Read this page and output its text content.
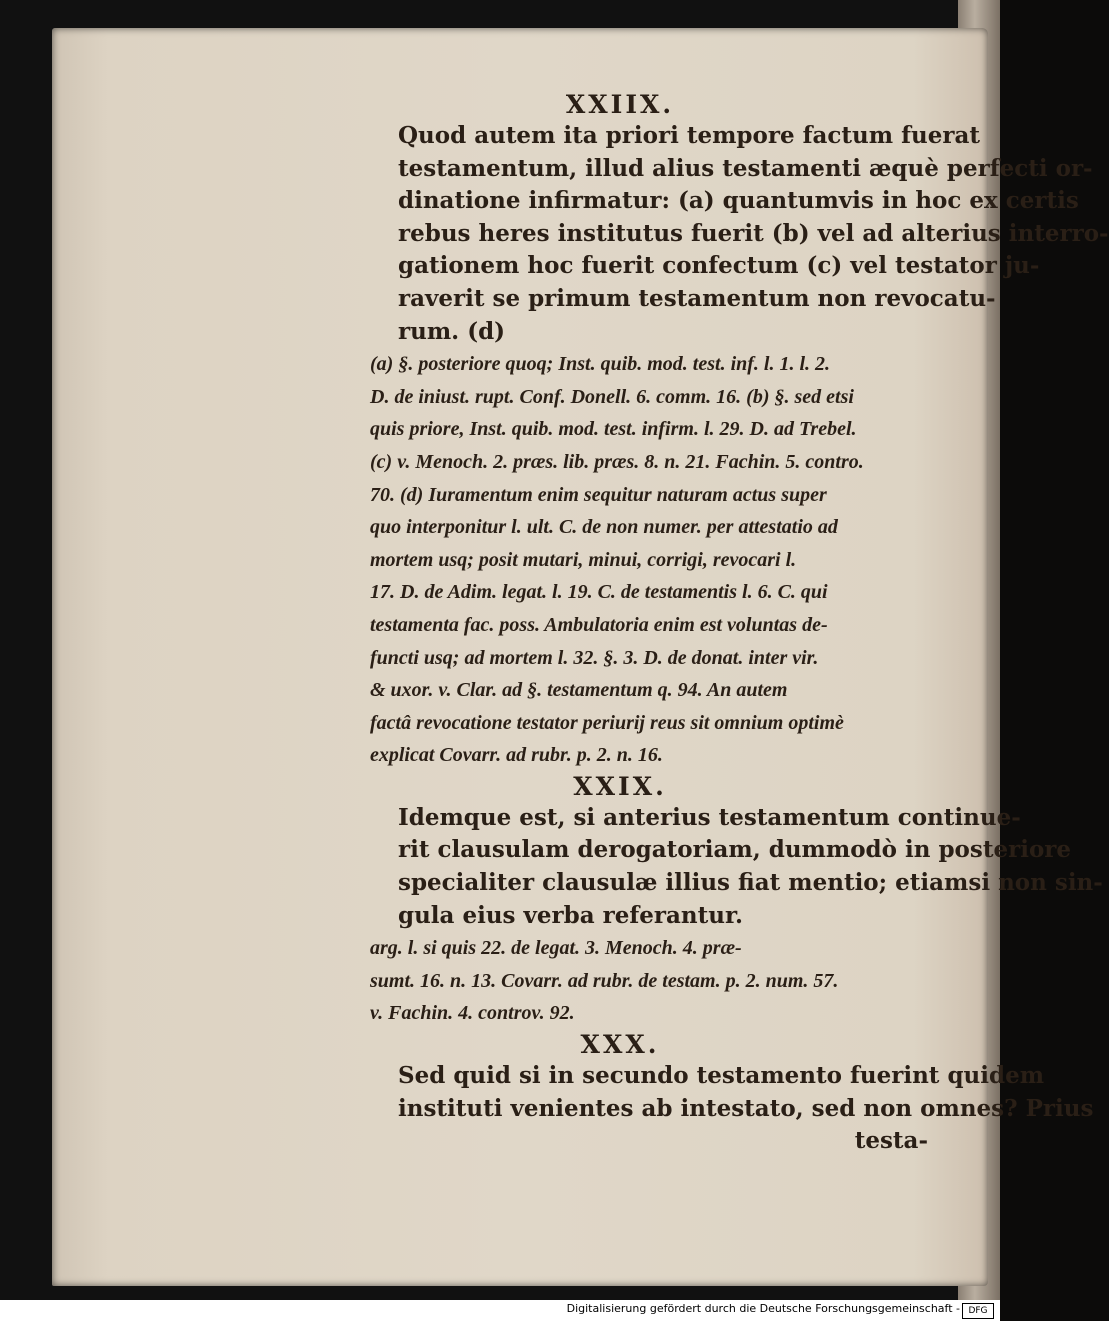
XXIIX.

Quod autem ita priori tempore factum fuerat
testamentum, illud alius testamenti æquè perfecti or-
dinatione infirmatur: (a) quantumvis in hoc ex certis
rebus heres institutus fuerit (b) vel ad alterius interro-
gationem hoc fuerit confectum (c) vel testator ju-
raverit se primum testamentum non revocatu-
rum. (d)

(a) §. posteriore quoq; Inst. quib. mod. test. inf. l. 1. l. 2.
D. de iniust. rupt. Conf. Donell. 6. comm. 16. (b) §. sed etsi
quis priore, Inst. quib. mod. test. infirm. l. 29. D. ad Trebel.
(c) v. Menoch. 2. præs. lib. præs. 8. n. 21. Fachin. 5. contro.
70. (d) Iuramentum enim sequitur naturam actus super
quo interponitur l. ult. C. de non numer. per attestatio ad
mortem usq; posit mutari, minui, corrigi, revocari l.
17. D. de Adim. legat. l. 19. C. de testamentis l. 6. C. qui
testamenta fac. poss. Ambulatoria enim est voluntas de-
functi usq; ad mortem l. 32. §. 3. D. de donat. inter vir.
& uxor. v. Clar. ad §. testamentum q. 94. An autem
factâ revocatione testator periurij reus sit omnium optimè
explicat Covarr. ad rubr. p. 2. n. 16.

XXIX.

Idemque est, si anterius testamentum continue-
rit clausulam derogatoriam, dummodò in posteriore
specialiter clausulæ illius fiat mentio; etiamsi non sin-
gula eius verba referantur.

arg. l. si quis 22. de legat. 3. Menoch. 4. præ-
sumt. 16. n. 13. Covarr. ad rubr. de testam. p. 2. num. 57.
v. Fachin. 4. controv. 92.

XXX.

Sed quid si in secundo testamento fuerint quidem
instituti venientes ab intestato, sed non omnes? Prius
testa-

Digitalisierung gefördert durch die Deutsche Forschungsgemeinschaft - DFG
